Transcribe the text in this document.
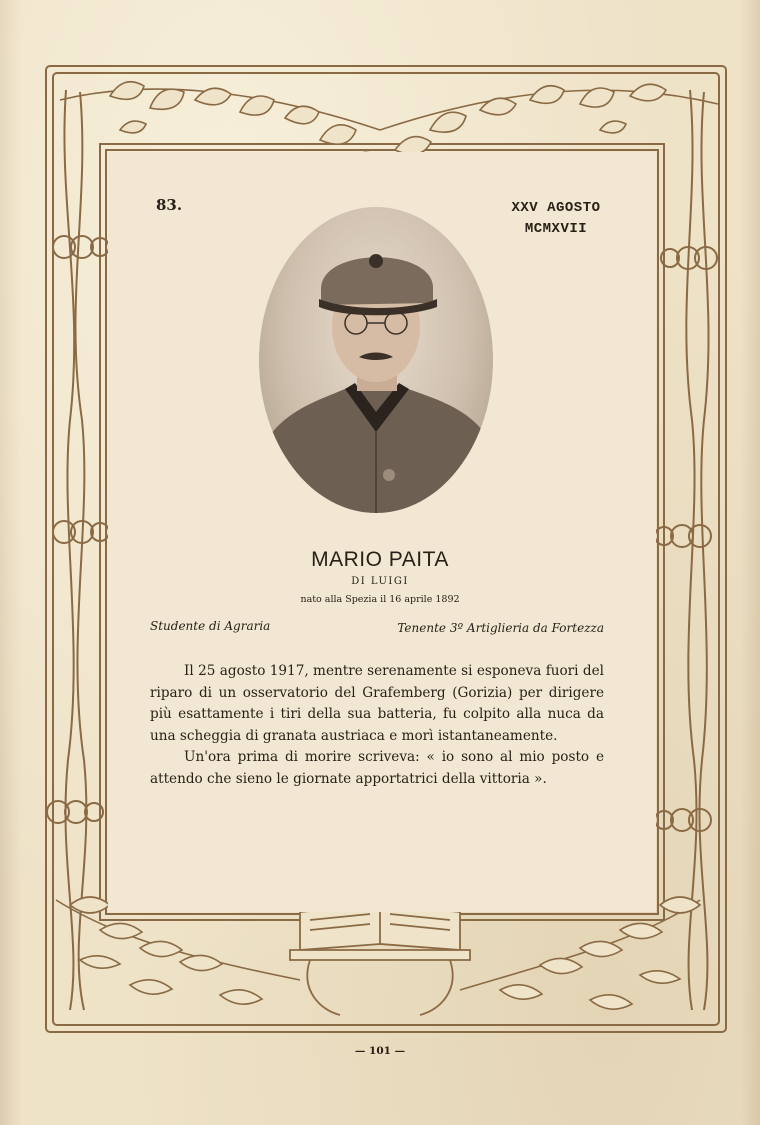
83.	XXV AGOSTO
MCMXVII
MARIO PAITA
DI LUIGI
nato alla Spezia il 16 aprile 1892
Studente di Agraria	Tenente 3º Artiglieria da Fortezza

Il 25 agosto 1917, mentre serenamente si esponeva fuori del riparo di un osservatorio del Grafemberg (Gorizia) per dirigere più esattamente i tiri della sua batteria, fu colpito alla nuca da una scheggia di granata austriaca e morì istantaneamente.

Un'ora prima di morire scriveva: « io sono al mio posto e attendo che sieno le giornate apportatrici della vittoria ».

— 101 —
